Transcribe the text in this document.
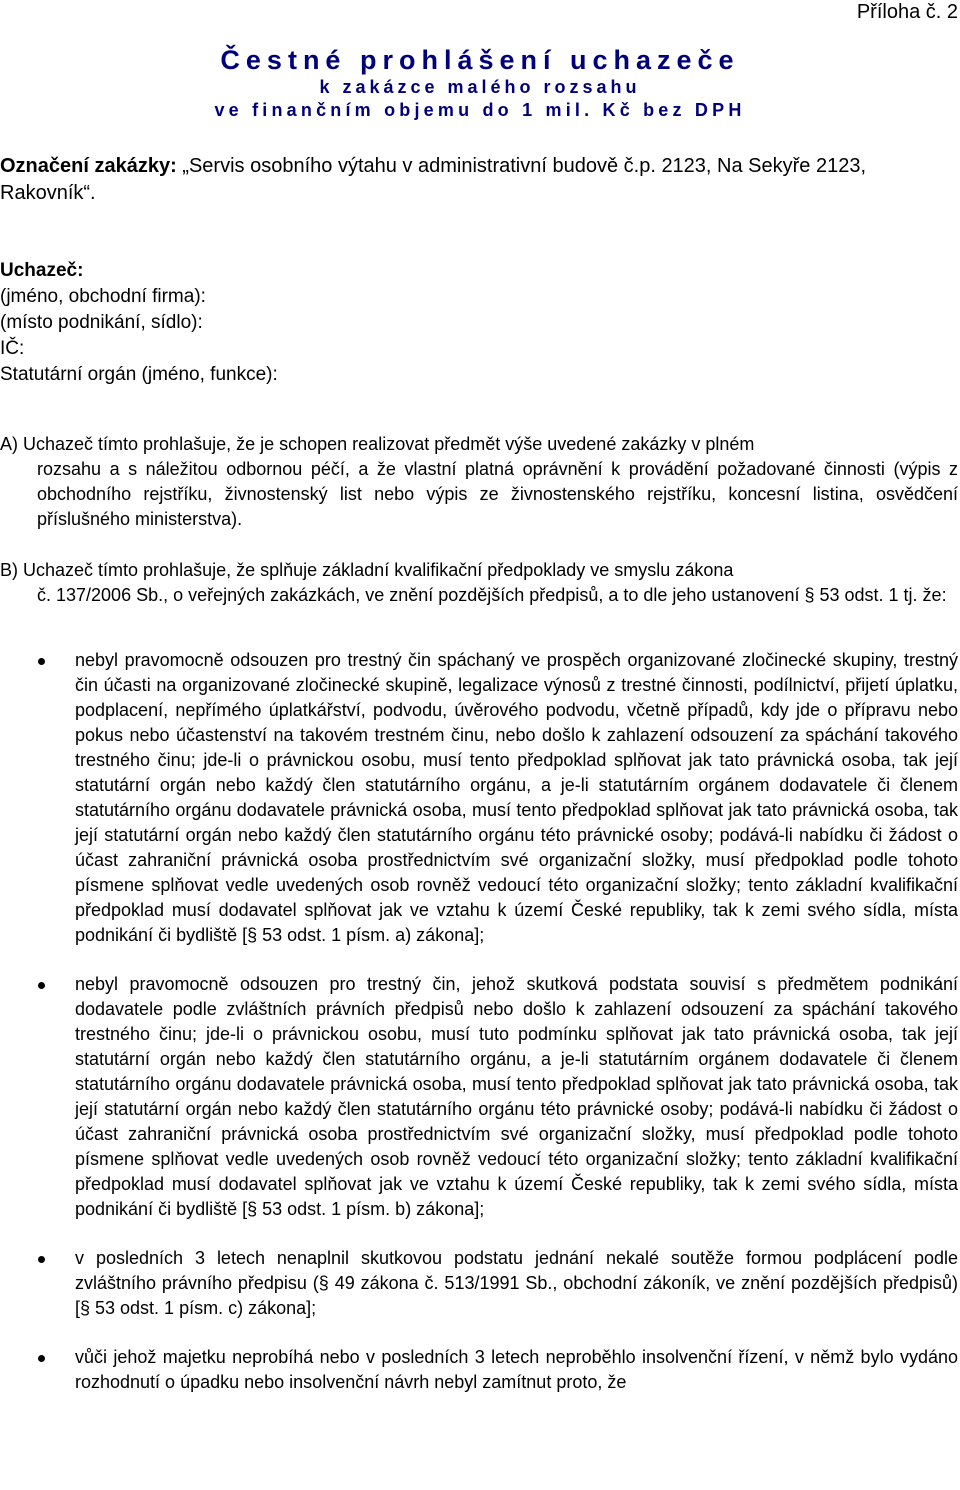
Příloha č. 2

Čestné prohlášení uchazeče

k zakázce malého rozsahu

ve finančním objemu do 1 mil. Kč bez DPH

Označení zakázky: „Servis osobního výtahu v administrativní budově č.p. 2123, Na Sekyře 2123, Rakovník“.
Uchazeč:
(jméno, obchodní firma):
(místo podnikání, sídlo):
IČ:
Statutární orgán (jméno, funkce):
A) Uchazeč tímto prohlašuje, že je schopen realizovat předmět výše uvedené zakázky v plném
rozsahu a s náležitou odbornou péčí, a že vlastní platná oprávnění k provádění požadované činnosti (výpis z obchodního rejstříku, živnostenský list nebo výpis ze živnostenského rejstříku, koncesní listina, osvědčení příslušného ministerstva).
B) Uchazeč tímto prohlašuje, že splňuje základní kvalifikační předpoklady ve smyslu zákona
č. 137/2006 Sb., o veřejných zakázkách, ve znění pozdějších předpisů, a to dle jeho ustanovení § 53 odst. 1 tj. že:
nebyl pravomocně odsouzen pro trestný čin spáchaný ve prospěch organizované zločinecké skupiny, trestný čin účasti na organizované zločinecké skupině, legalizace výnosů z trestné činnosti, podílnictví, přijetí úplatku, podplacení, nepřímého úplatkářství, podvodu, úvěrového podvodu, včetně případů, kdy jde o přípravu nebo pokus nebo účastenství na takovém trestném činu, nebo došlo k zahlazení odsouzení za spáchání takového trestného činu; jde-li o právnickou osobu, musí tento předpoklad splňovat jak tato právnická osoba, tak její statutární orgán nebo každý člen statutárního orgánu, a je-li statutárním orgánem dodavatele či členem statutárního orgánu dodavatele právnická osoba, musí tento předpoklad splňovat jak tato právnická osoba, tak její statutární orgán nebo každý člen statutárního orgánu této právnické osoby; podává-li nabídku či žádost o účast zahraniční právnická osoba prostřednictvím své organizační složky, musí předpoklad podle tohoto písmene splňovat vedle uvedených osob rovněž vedoucí této organizační složky; tento základní kvalifikační předpoklad musí dodavatel splňovat jak ve vztahu k území České republiky, tak k zemi svého sídla, místa podnikání či bydliště [§ 53 odst. 1 písm. a) zákona];
nebyl pravomocně odsouzen pro trestný čin, jehož skutková podstata souvisí s předmětem podnikání dodavatele podle zvláštních právních předpisů nebo došlo k zahlazení odsouzení za spáchání takového trestného činu; jde-li o právnickou osobu, musí tuto podmínku splňovat jak tato právnická osoba, tak její statutární orgán nebo každý člen statutárního orgánu, a je-li statutárním orgánem dodavatele či členem statutárního orgánu dodavatele právnická osoba, musí tento předpoklad splňovat jak tato právnická osoba, tak její statutární orgán nebo každý člen statutárního orgánu této právnické osoby; podává-li nabídku či žádost o účast zahraniční právnická osoba prostřednictvím své organizační složky, musí předpoklad podle tohoto písmene splňovat vedle uvedených osob rovněž vedoucí této organizační složky; tento základní kvalifikační předpoklad musí dodavatel splňovat jak ve vztahu k území České republiky, tak k zemi svého sídla, místa podnikání či bydliště [§ 53 odst. 1 písm. b) zákona];
v posledních 3 letech nenaplnil skutkovou podstatu jednání nekalé soutěže formou podplácení podle zvláštního právního předpisu (§ 49 zákona č. 513/1991 Sb., obchodní zákoník, ve znění pozdějších předpisů) [§ 53 odst. 1 písm. c) zákona];
vůči jehož majetku neprobíhá nebo v posledních 3 letech neproběhlo insolvenční řízení, v němž bylo vydáno rozhodnutí o úpadku nebo insolvenční návrh nebyl zamítnut proto, že
